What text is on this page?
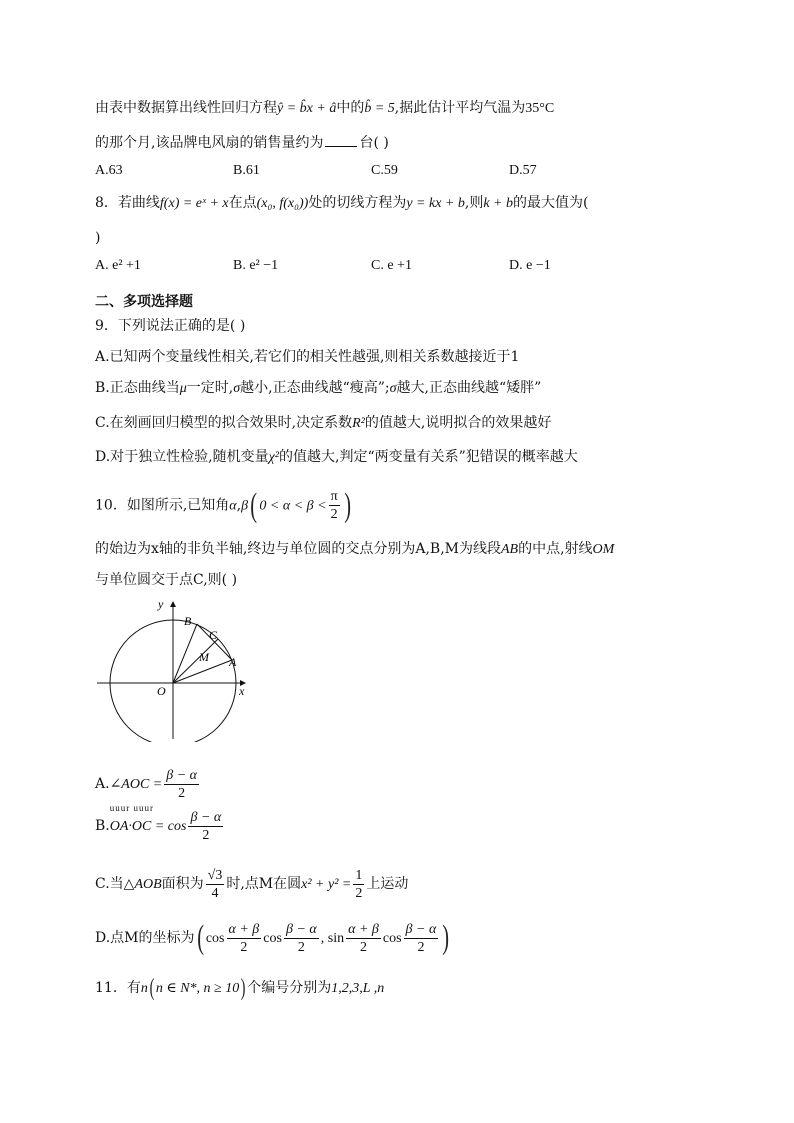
由表中数据算出线性回归方程ŷ = b̂x + â中的b̂ = 5,据此估计平均气温为35°C
的那个月,该品牌电风扇的销售量约为	台( )
A.63	B.61	C.59	D.57
8．若曲线f(x) = eˣ + x在点(x₀, f(x₀))处的切线方程为y = kx + b,则k + b的最大值为(
)
A. e² +1	B. e² −1	C. e +1	D. e −1
二、多项选择题
9．下列说法正确的是( )
A.已知两个变量线性相关,若它们的相关性越强,则相关系数越接近于1
B.正态曲线当μ一定时,σ越小,正态曲线越“瘦高”;σ越大,正态曲线越“矮胖”
C.在刻画回归模型的拟合效果时,决定系数R²的值越大,说明拟合的效果越好
D.对于独立性检验,随机变量χ²的值越大,判定“两变量有关系”犯错误的概率越大
10．如图所示,已知角α,β( $0 < \alpha < \beta < \frac{\pi}{2}$ )
的始边为x轴的非负半轴,终边与单位圆的交点分别为A,B,M为线段AB的中点,射线OM
与单位圆交于点C,则( )
y
x
O
A
B
C
M
A.∠AOC = $\frac{\beta - \alpha}{2}$
B.
uuur uuur
$OA\cdot OC = \cos \frac{\beta - \alpha}{2}$
C.当△AOB面积为 $\frac{√3}{4}$ 时,点M在圆$x^2 + y^2 = \frac{1}{2}$ 上运动
D.点M的坐标为( $\cos \frac{\alpha + \beta}{2}$ $\cos \frac{\beta - \alpha}{2}$ , $\sin \frac{\alpha + \beta}{2}$ $\cos \frac{\beta - \alpha}{2}$ )
11．有n( n ∈ N*, n ≥ 10) 个编号分别为1,2,3,L ,n
